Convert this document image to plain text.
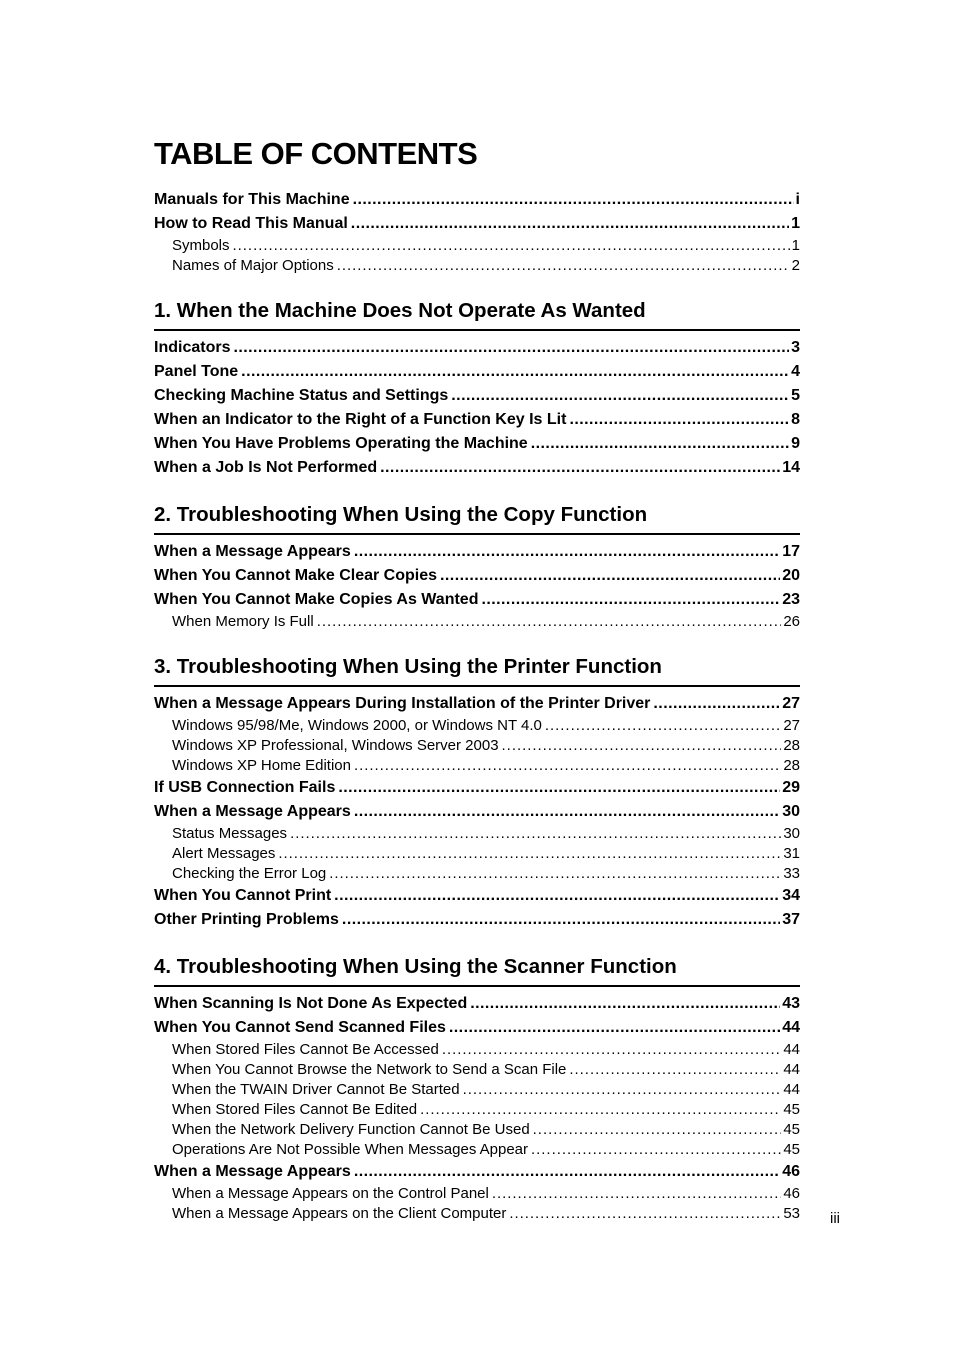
TABLE OF CONTENTS
Manuals for This Machine . . .	i
How to Read This Manual . . .	1
Symbols . . .	1
Names of Major Options . . .	2
1. When the Machine Does Not Operate As Wanted
Indicators . . .	3
Panel Tone . . .	4
Checking Machine Status and Settings . . .	5
When an Indicator to the Right of a Function Key Is Lit . . .	8
When You Have Problems Operating the Machine . . .	9
When a Job Is Not Performed . . .	14
2. Troubleshooting When Using the Copy Function
When a Message Appears . . .	17
When You Cannot Make Clear Copies . . .	20
When You Cannot Make Copies As Wanted . . .	23
When Memory Is Full . . .	26
3. Troubleshooting When Using the Printer Function
When a Message Appears During Installation of the Printer Driver . . .	27
Windows 95/98/Me, Windows 2000, or Windows NT 4.0 . . .	27
Windows XP Professional, Windows Server 2003 . . .	28
Windows XP Home Edition . . .	28
If USB Connection Fails . . .	29
When a Message Appears . . .	30
Status Messages . . .	30
Alert Messages . . .	31
Checking the Error Log . . .	33
When You Cannot Print . . .	34
Other Printing Problems . . .	37
4. Troubleshooting When Using the Scanner Function
When Scanning Is Not Done As Expected . . .	43
When You Cannot Send Scanned Files . . .	44
When Stored Files Cannot Be Accessed . . .	44
When You Cannot Browse the Network to Send a Scan File . . .	44
When the TWAIN Driver Cannot Be Started . . .	44
When Stored Files Cannot Be Edited . . .	45
When the Network Delivery Function Cannot Be Used . . .	45
Operations Are Not Possible When Messages Appear . . .	45
When a Message Appears . . .	46
When a Message Appears on the Control Panel . . .	46
When a Message Appears on the Client Computer . . .	53 iii
